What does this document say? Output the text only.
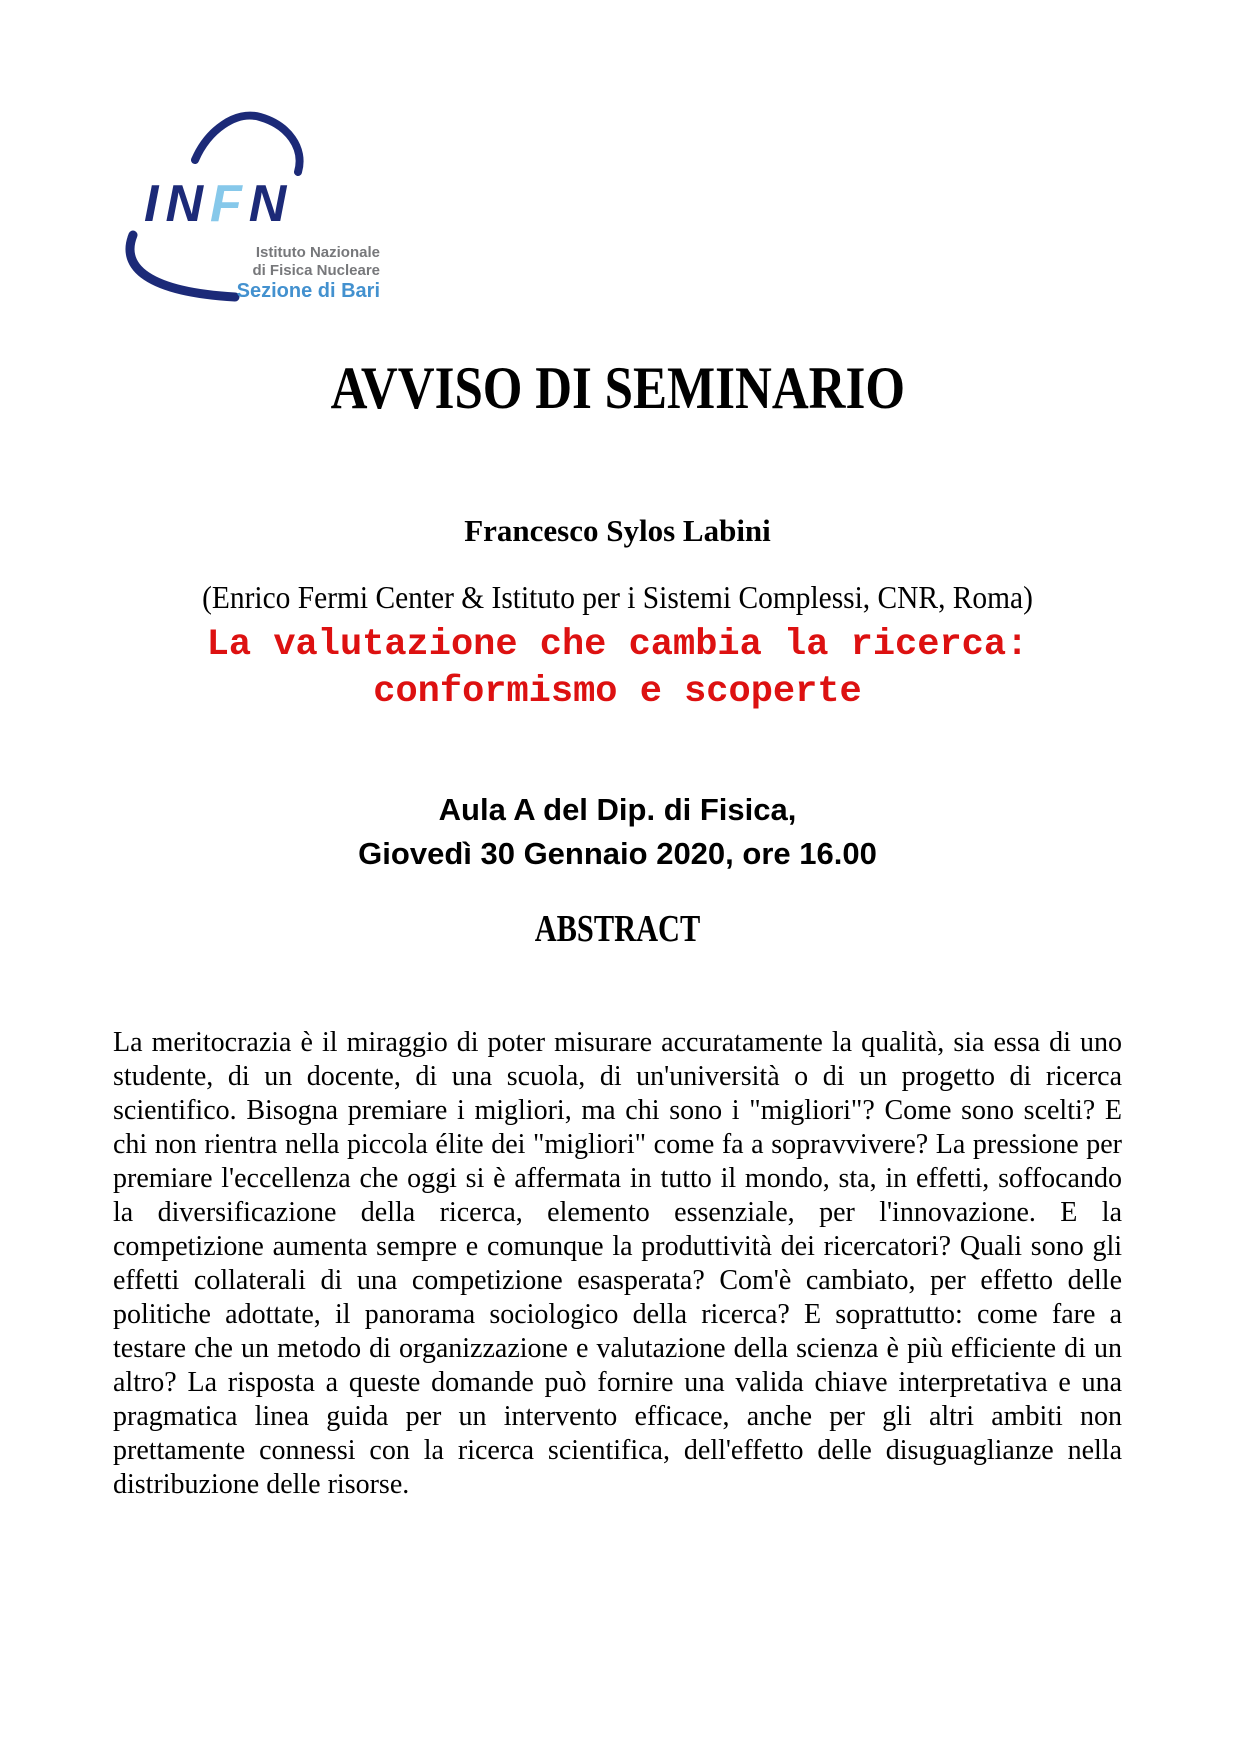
I N F N
Istituto Nazionale
di Fisica Nucleare
Sezione di Bari
AVVISO DI SEMINARIO
Francesco Sylos Labini
(Enrico Fermi Center & Istituto per i Sistemi Complessi, CNR, Roma)
La valutazione che cambia la ricerca:
conformismo e scoperte
Aula A del Dip. di Fisica,
Giovedì 30 Gennaio 2020, ore 16.00
ABSTRACT
La meritocrazia è il miraggio di poter misurare accuratamente la qualità, sia essa di uno studente, di un docente, di una scuola, di un'università o di un progetto di ricerca scientifico. Bisogna premiare i migliori, ma chi sono i "migliori"? Come sono scelti? E chi non rientra nella piccola élite dei "migliori" come fa a sopravvivere? La pressione per premiare l'eccellenza che oggi si è affermata in tutto il mondo, sta, in effetti, soffocando la diversificazione della ricerca, elemento essenziale, per l'innovazione. E la competizione aumenta sempre e comunque la produttività dei ricercatori? Quali sono gli effetti collaterali di una competizione esasperata? Com'è cambiato, per effetto delle politiche adottate, il panorama sociologico della ricerca? E soprattutto: come fare a testare che un metodo di organizzazione e valutazione della scienza è più efficiente di un altro? La risposta a queste domande può fornire una valida chiave interpretativa e una pragmatica linea guida per un intervento efficace, anche per gli altri ambiti non prettamente connessi con la ricerca scientifica, dell'effetto delle disuguaglianze nella distribuzione delle risorse.
